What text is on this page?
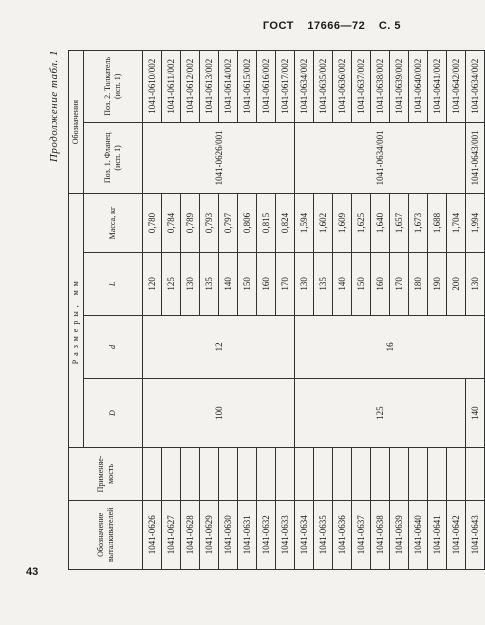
ГОСТ 17666—72 С. 5
Продолжение табл. 1
Обозначение выталкивателей	Применяе-мость	Размеры, мм				Обозначения	
		D	d	L	Масса, кг	Поз. 1. Фланец (исп. 1)	Поз. 2. Толкатель (исп. 1)
1041-0626		100	12	120	0,780	1041-0626/001	1041-0610/002
1041-0627				125	0,784		1041-0611/002
1041-0628				130	0,789		1041-0612/002
1041-0629				135	0,793		1041-0613/002
1041-0630				140	0,797		1041-0614/002
1041-0631				150	0,806		1041-0615/002
1041-0632				160	0,815		1041-0616/002
1041-0633				170	0,824		1041-0617/002
1041-0634		125	16	130	1,594	1041-0634/001	1041-0634/002
1041-0635				135	1,602		1041-0635/002
1041-0636				140	1,609		1041-0636/002
1041-0637				150	1,625		1041-0637/002
1041-0638				160	1,640		1041-0638/002
1041-0639				170	1,657		1041-0639/002
1041-0640				180	1,673		1041-0640/002
1041-0641				190	1,688		1041-0641/002
1041-0642				200	1,704		1041-0642/002
1041-0643		140		130	1,994	1041-0643/001	1041-0634/002
43
